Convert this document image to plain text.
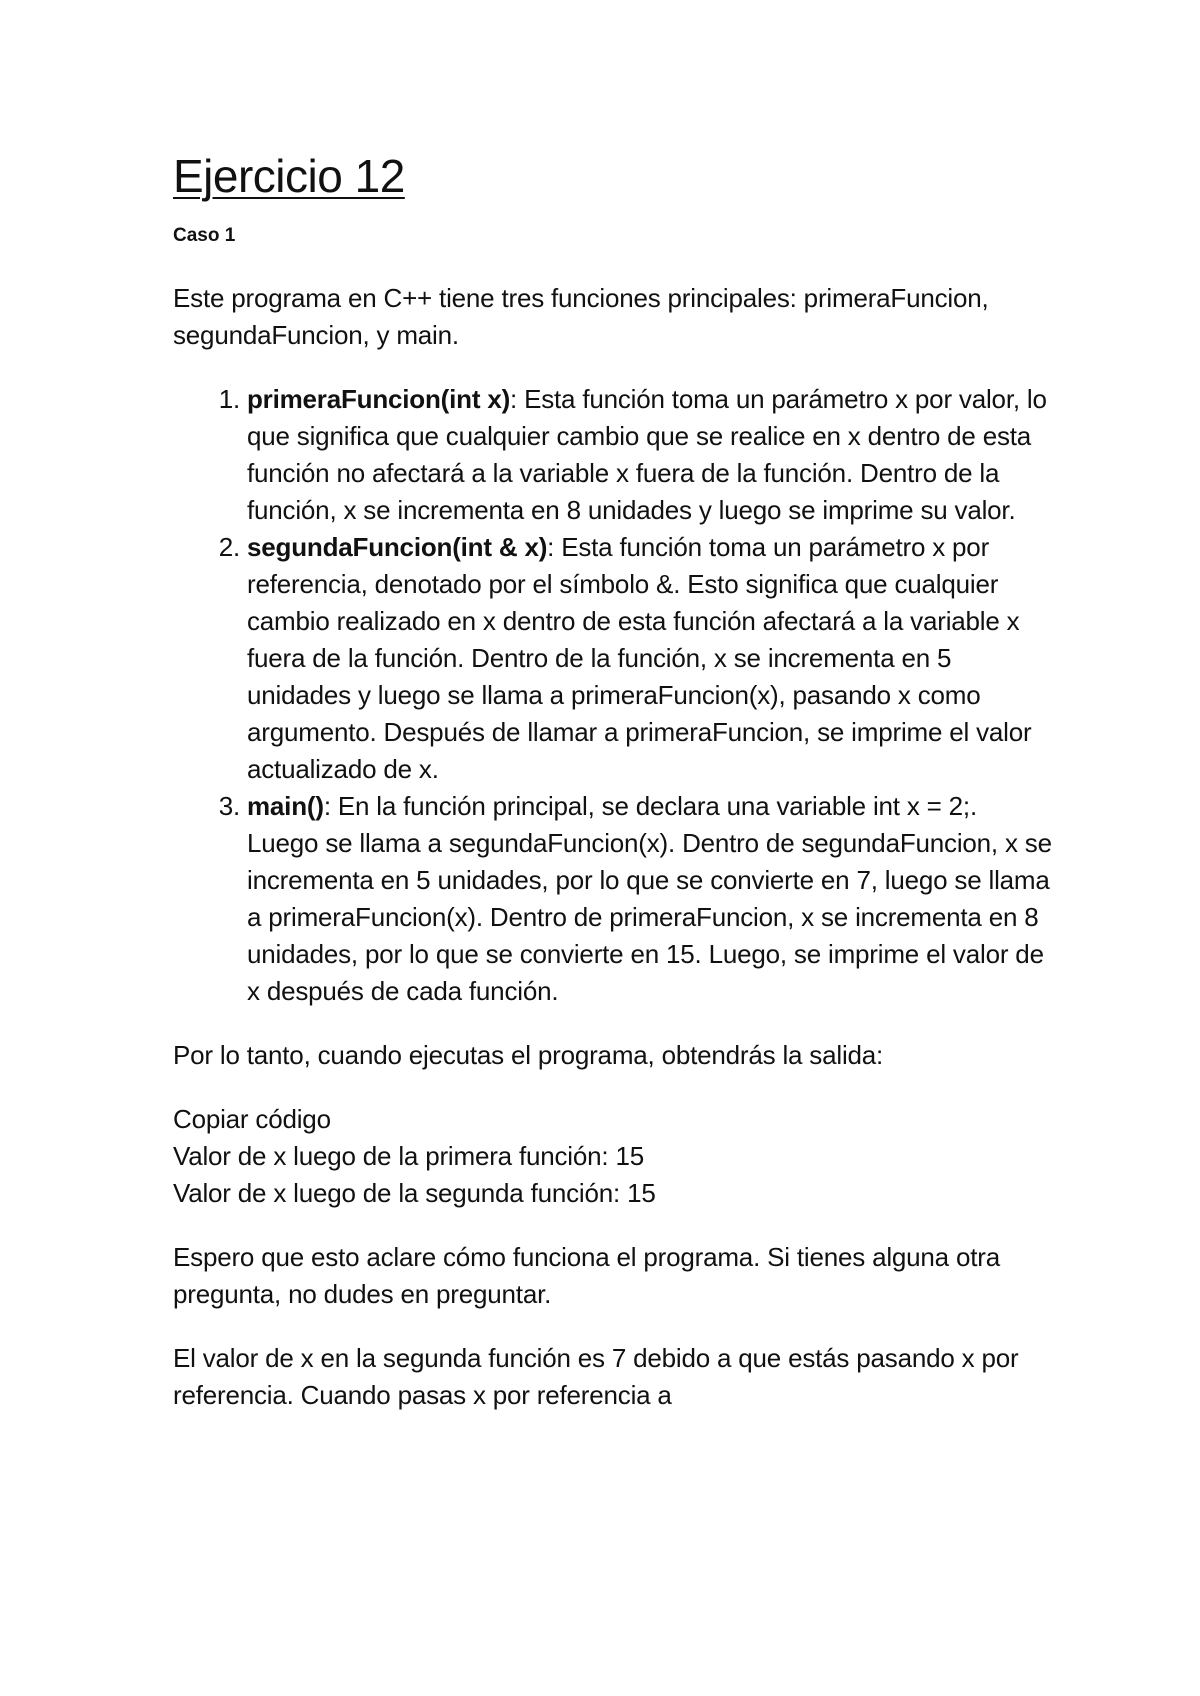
Ejercicio 12
Caso 1

Este programa en C++ tiene tres funciones principales: primeraFuncion, segundaFuncion, y main.

1. primeraFuncion(int x): Esta función toma un parámetro x por valor, lo que significa que cualquier cambio que se realice en x dentro de esta función no afectará a la variable x fuera de la función. Dentro de la función, x se incrementa en 8 unidades y luego se imprime su valor.
2. segundaFuncion(int & x): Esta función toma un parámetro x por referencia, denotado por el símbolo &. Esto significa que cualquier cambio realizado en x dentro de esta función afectará a la variable x fuera de la función. Dentro de la función, x se incrementa en 5 unidades y luego se llama a primeraFuncion(x), pasando x como argumento. Después de llamar a primeraFuncion, se imprime el valor actualizado de x.
3. main(): En la función principal, se declara una variable int x = 2;. Luego se llama a segundaFuncion(x). Dentro de segundaFuncion, x se incrementa en 5 unidades, por lo que se convierte en 7, luego se llama a primeraFuncion(x). Dentro de primeraFuncion, x se incrementa en 8 unidades, por lo que se convierte en 15. Luego, se imprime el valor de x después de cada función.

Por lo tanto, cuando ejecutas el programa, obtendrás la salida:

Copiar código

Valor de x luego de la primera función: 15

Valor de x luego de la segunda función: 15

Espero que esto aclare cómo funciona el programa. Si tienes alguna otra pregunta, no dudes en preguntar.

El valor de x en la segunda función es 7 debido a que estás pasando x por referencia. Cuando pasas x por referencia a
